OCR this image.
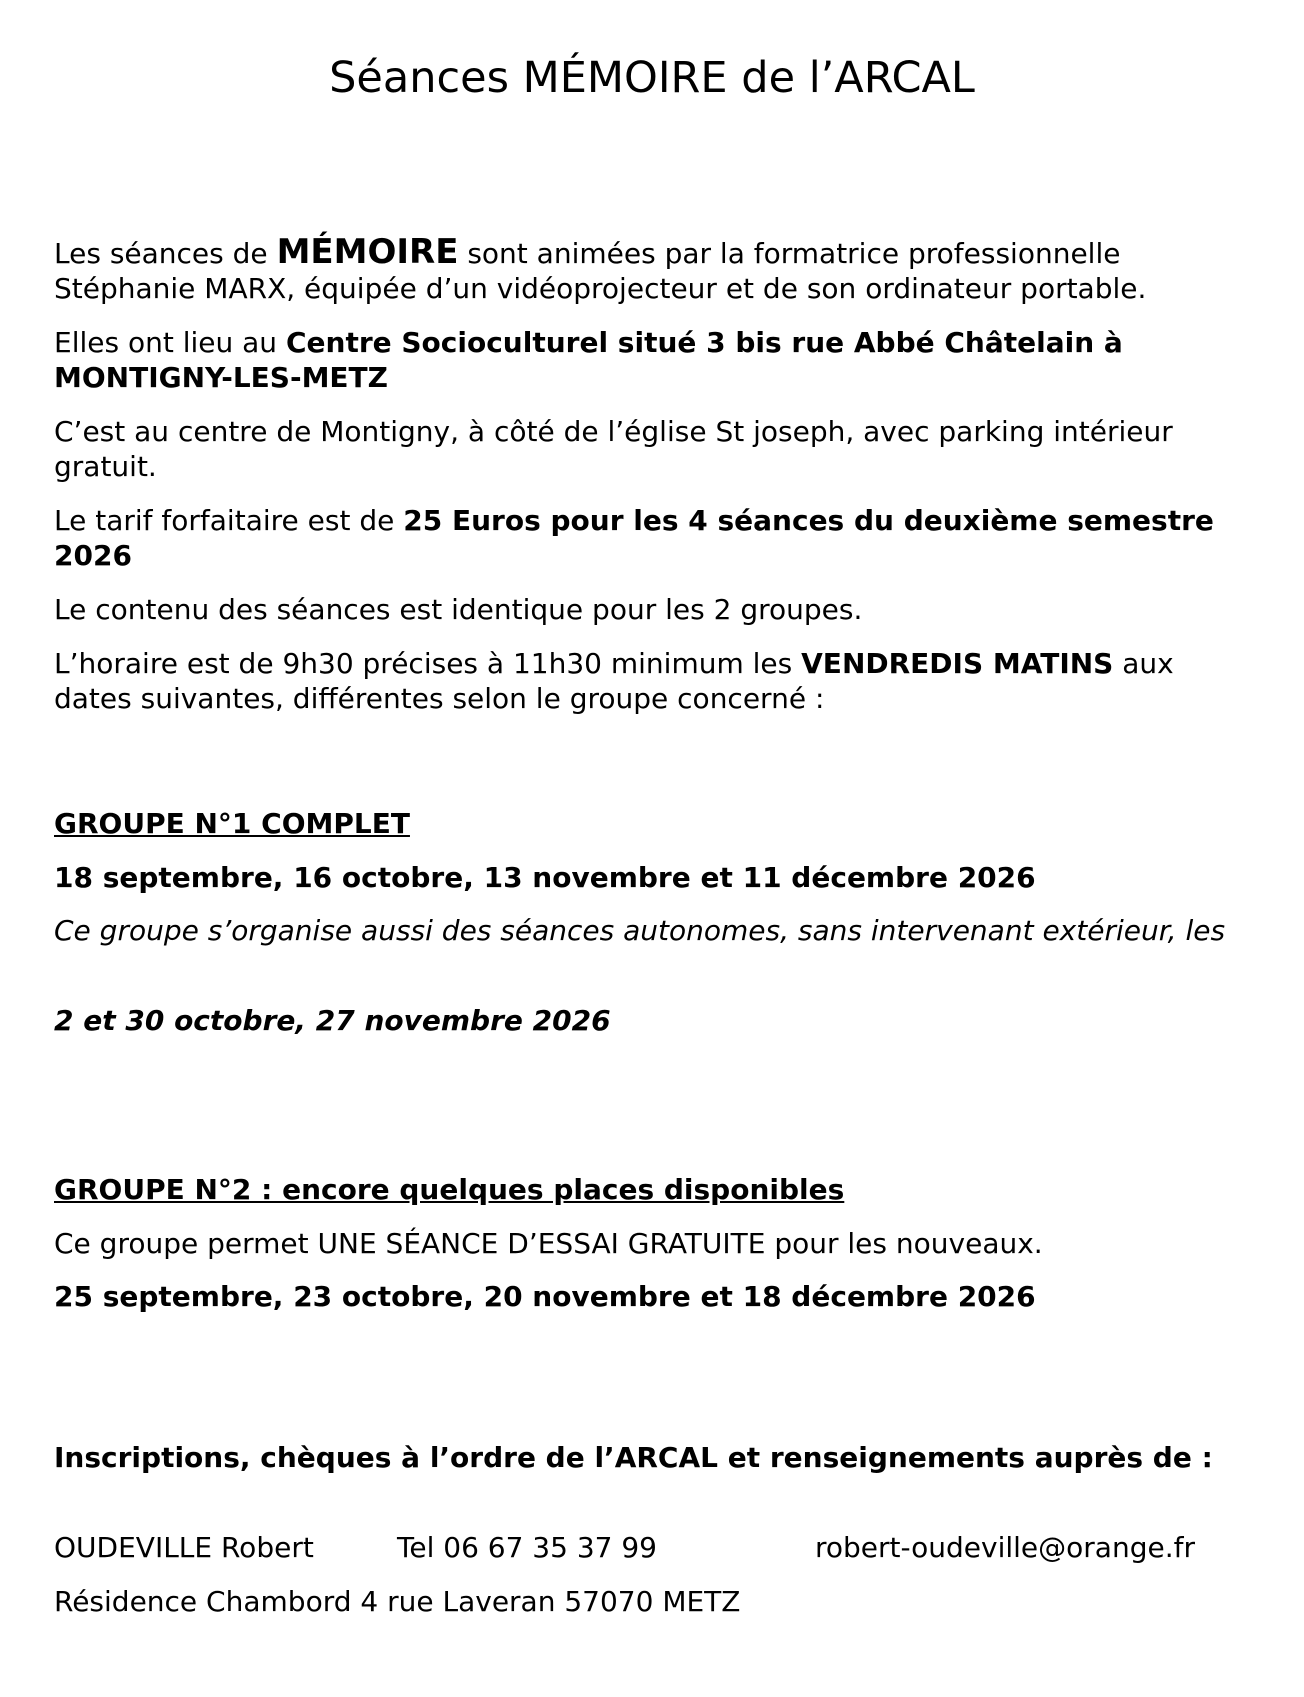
Séances MÉMOIRE de l’ARCAL

Les séances de MÉMOIRE sont animées par la formatrice professionnelle Stéphanie MARX, équipée d’un vidéoprojecteur et de son ordinateur portable.

Elles ont lieu au Centre Socioculturel situé 3 bis rue Abbé Châtelain à MONTIGNY-LES-METZ

C’est au centre de Montigny, à côté de l’église St joseph, avec parking intérieur gratuit.

Le tarif forfaitaire est de 25 Euros pour les 4 séances du deuxième semestre 2026

Le contenu des séances est identique pour les 2 groupes.

L’horaire est de 9h30 précises à 11h30 minimum les VENDREDIS MATINS aux dates suivantes, différentes selon le groupe concerné :

GROUPE N°1 COMPLET

18 septembre, 16 octobre, 13 novembre et 11 décembre 2026

Ce groupe s’organise aussi des séances autonomes, sans intervenant extérieur, les

2 et 30 octobre, 27 novembre 2026

GROUPE N°2 : encore quelques places disponibles

Ce groupe permet UNE SÉANCE D’ESSAI GRATUITE pour les nouveaux.

25 septembre, 23 octobre, 20 novembre et 18 décembre 2026

Inscriptions, chèques à l’ordre de l’ARCAL et renseignements auprès de :

OUDEVILLE Robert	Tel 06 67 35 37 99	robert-oudeville@orange.fr

Résidence Chambord 4 rue Laveran 57070 METZ
